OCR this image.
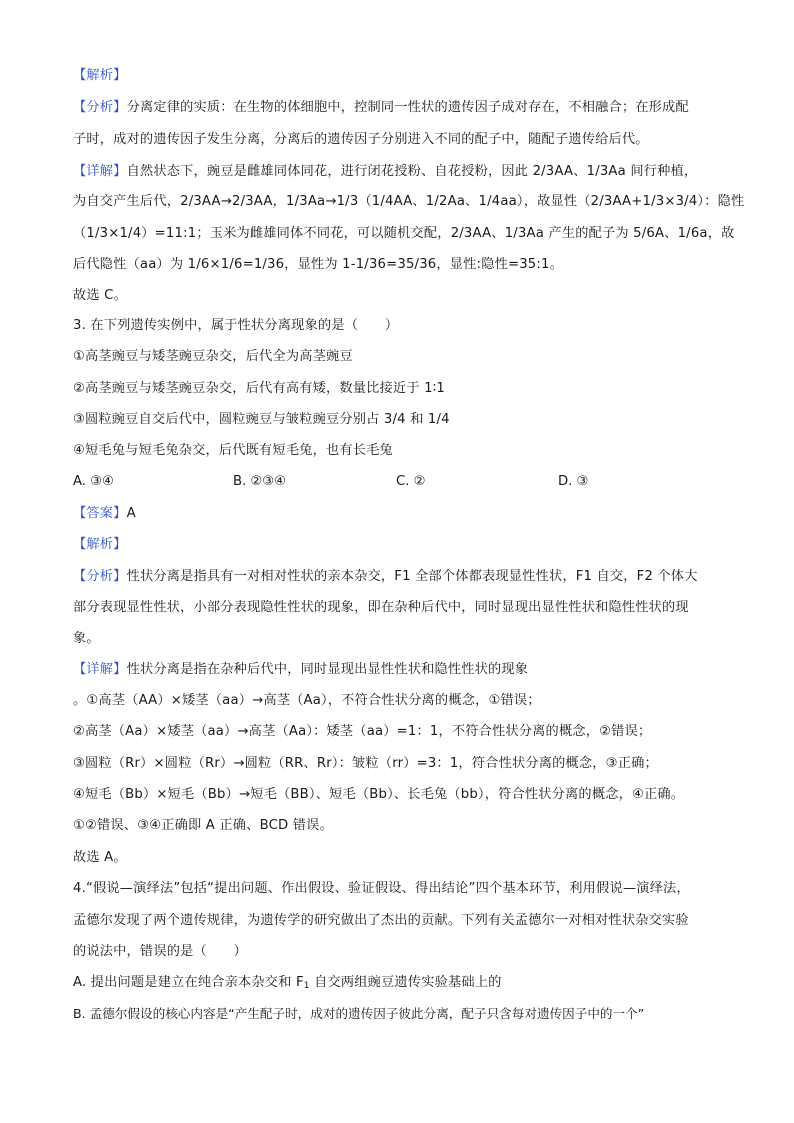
【解析】
【分析】分离定律的实质：在生物的体细胞中，控制同一性状的遗传因子成对存在，不相融合；在形成配
子时，成对的遗传因子发生分离，分离后的遗传因子分别进入不同的配子中，随配子遗传给后代。
【详解】自然状态下，豌豆是雌雄同体同花，进行闭花授粉、自花授粉，因此 2/3AA、1/3Aa 间行种植，
为自交产生后代，2/3AA→2/3AA，1/3Aa→1/3（1/4AA、1/2Aa、1/4aa），故显性（2/3AA+1/3×3/4）：隐性
（1/3×1/4）=11:1；玉米为雌雄同体不同花，可以随机交配，2/3AA、1/3Aa 产生的配子为 5/6A、1/6a，故
后代隐性（aa）为 1/6×1/6=1/36，显性为 1-1/36=35/36，显性:隐性=35:1。
故选 C。
3. 在下列遗传实例中，属于性状分离现象的是（　　）
①高茎豌豆与矮茎豌豆杂交，后代全为高茎豌豆
②高茎豌豆与矮茎豌豆杂交，后代有高有矮，数量比接近于 1∶1
③圆粒豌豆自交后代中，圆粒豌豆与皱粒豌豆分别占 3/4 和 1/4
④短毛兔与短毛兔杂交，后代既有短毛兔，也有长毛兔
A. ③④	B. ②③④	C. ②	D. ③
【答案】A
【解析】
【分析】性状分离是指具有一对相对性状的亲本杂交，F1 全部个体都表现显性性状，F1 自交，F2 个体大
部分表现显性性状，小部分表现隐性性状的现象，即在杂种后代中，同时显现出显性性状和隐性性状的现
象。
【详解】性状分离是指在杂种后代中，同时显现出显性性状和隐性性状的现象
。①高茎（AA）×矮茎（aa）→高茎（Aa），不符合性状分离的概念，①错误；
②高茎（Aa）×矮茎（aa）→高茎（Aa）：矮茎（aa）=1：1，不符合性状分离的概念，②错误；
③圆粒（Rr）×圆粒（Rr）→圆粒（RR、Rr）：皱粒（rr）=3：1，符合性状分离的概念，③正确；
④短毛（Bb）×短毛（Bb）→短毛（BB）、短毛（Bb）、长毛兔（bb），符合性状分离的概念，④正确。
①②错误、③④正确即 A 正确、BCD 错误。
故选 A。
4.“假说—演绎法”包括“提出问题、作出假设、验证假设、得出结论”四个基本环节，利用假说—演绎法，
孟德尔发现了两个遗传规律，为遗传学的研究做出了杰出的贡献。下列有关孟德尔一对相对性状杂交实验
的说法中，错误的是（　　）
A. 提出问题是建立在纯合亲本杂交和 $F_1$ 自交两组豌豆遗传实验基础上的
B. 孟德尔假设的核心内容是“产生配子时，成对的遗传因子彼此分离，配子只含每对遗传因子中的一个”
